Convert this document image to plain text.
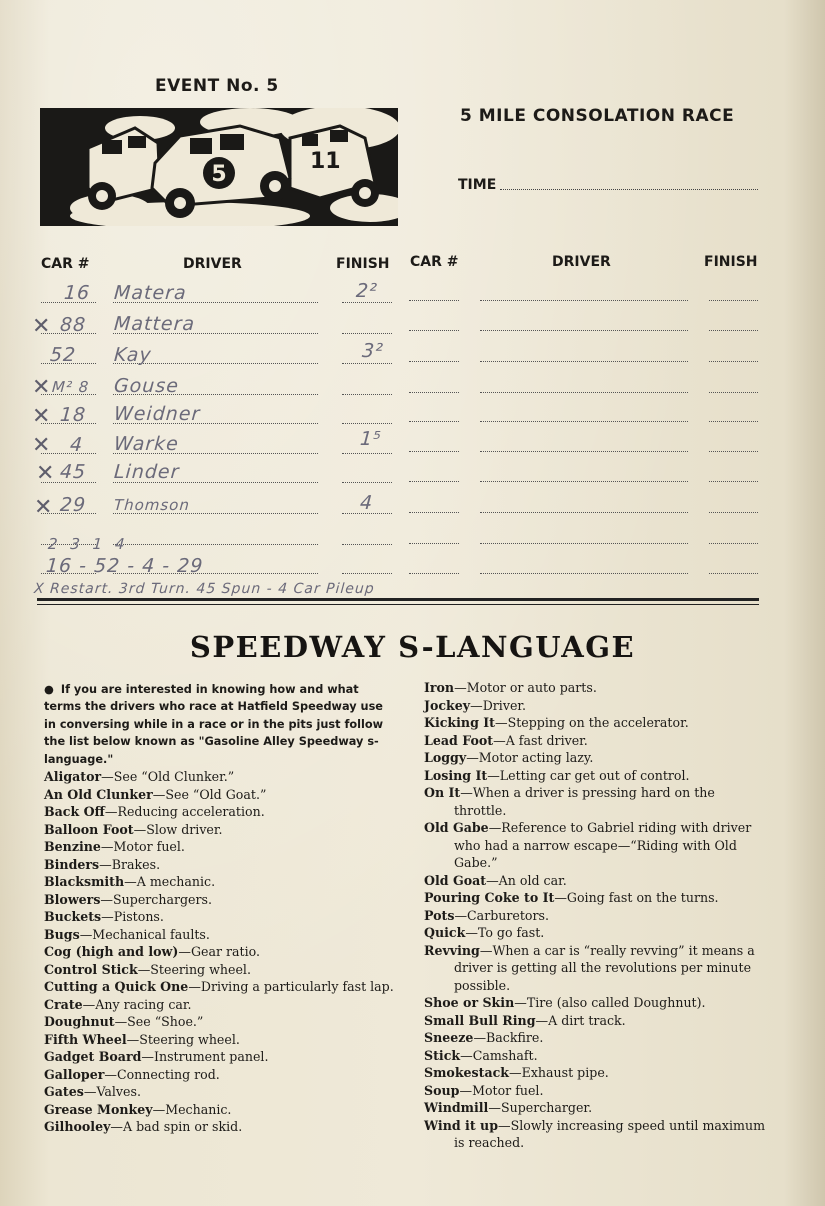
EVENT No. 5
5 MILE CONSOLATION RACE
TIME
11
5
CAR #	DRIVER	FINISH CAR #	DRIVER	FINISH
16 Matera	2²
✕ 88 Mattera
52 Kay	3²
✕ M² 8 Gouse
✕ 18 Weidner
✕ 4 Warke	1⁵
✕ 45 Linder
✕ 29 Thomson	4
2 3 1 4
16 - 52 - 4 - 29
X Restart. 3rd Turn. 45 Spun - 4 Car Pileup
SPEEDWAY S-LANGUAGE
● If you are interested in knowing how and what terms the drivers who race at Hatfield Speedway use in conversing while in a race or in the pits just follow the list below known as "Gasoline Alley Speedway s-language."
Aligator—See “Old Clunker.”
An Old Clunker—See “Old Goat.”
Back Off—Reducing acceleration.
Balloon Foot—Slow driver.
Benzine—Motor fuel.
Binders—Brakes.
Blacksmith—A mechanic.
Blowers—Superchargers.
Buckets—Pistons.
Bugs—Mechanical faults.
Cog (high and low)—Gear ratio.
Control Stick—Steering wheel.
Cutting a Quick One—Driving a particularly fast lap.
Crate—Any racing car.
Doughnut—See “Shoe.”
Fifth Wheel—Steering wheel.
Gadget Board—Instrument panel.
Galloper—Connecting rod.
Gates—Valves.
Grease Monkey—Mechanic.
Gilhooley—A bad spin or skid.
Iron—Motor or auto parts.
Jockey—Driver.
Kicking It—Stepping on the accelerator.
Lead Foot—A fast driver.
Loggy—Motor acting lazy.
Losing It—Letting car get out of control.
On It—When a driver is pressing hard on the throttle.
Old Gabe—Reference to Gabriel riding with driver who had a narrow escape—“Riding with Old Gabe.”
Old Goat—An old car.
Pouring Coke to It—Going fast on the turns.
Pots—Carburetors.
Quick—To go fast.
Revving—When a car is “really revving” it means a driver is getting all the revolutions per minute possible.
Shoe or Skin—Tire (also called Doughnut).
Small Bull Ring—A dirt track.
Sneeze—Backfire.
Stick—Camshaft.
Smokestack—Exhaust pipe.
Soup—Motor fuel.
Windmill—Supercharger.
Wind it up—Slowly increasing speed until maximum is reached.
